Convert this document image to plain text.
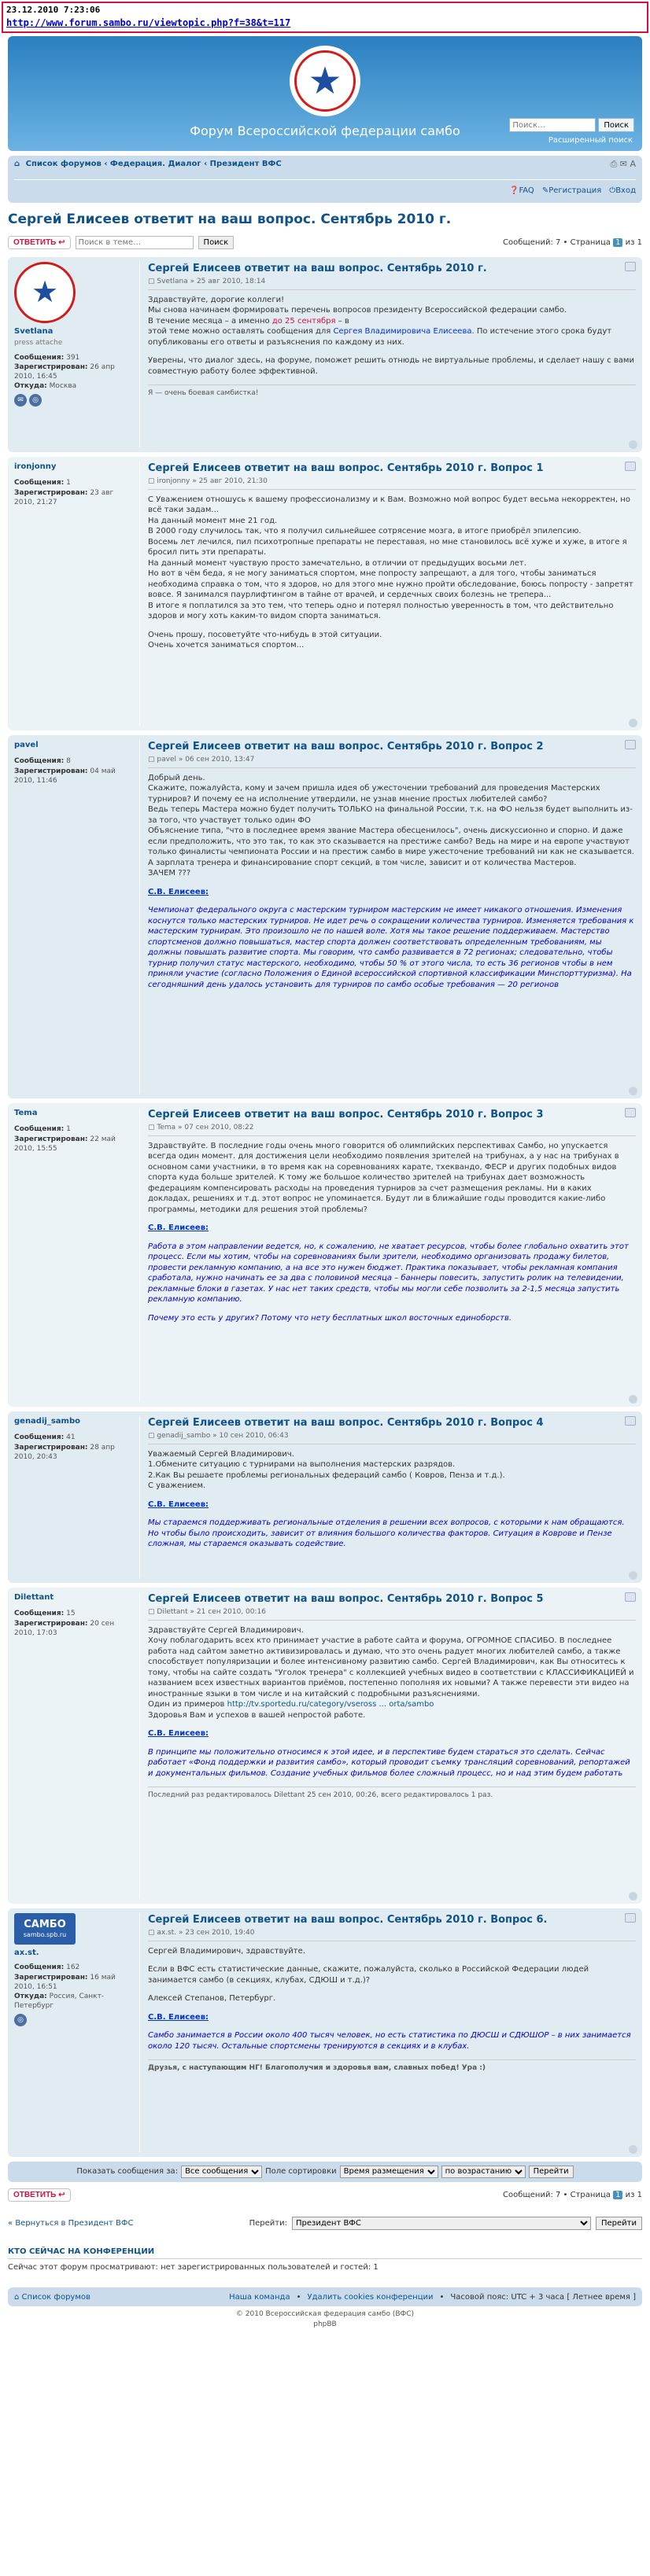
23.12.2010 7:23:06
http://www.forum.sambo.ru/viewtopic.php?f=38&t=117
★
Форум Всероссийской федерации самбо
Поиск…	Поиск
Расширенный поиск
⌂ Список форумов ‹ Федерация. Диалог ‹ Президент ВФС	⎙ ✉ A
❓FAQ ✎Регистрация ⏻Вход
Сергей Елисеев ответит на ваш вопрос. Сентябрь 2010 г.
ОТВЕТИТЬ ↩
Поиск в теме…	Поиск	Сообщений: 7 • Страница 1 из 1
★
Svetlana
press attache
Сообщения: 391
Зарегистрирован: 26 апр 2010, 16:45
Откуда: Москва
✉	◎
Сергей Елисеев ответит на ваш вопрос. Сентябрь 2010 г.
▢ Svetlana » 25 авг 2010, 18:14

Здравствуйте, дорогие коллеги!

Мы снова начинаем формировать перечень вопросов президенту Всероссийской федерации самбо.

В течение месяца – а именно до 25 сентября – в

этой теме можно оставлять сообщения для Сергея Владимировича Елисеева. По истечение этого срока будут опубликованы его ответы и разъяснения по каждому из них.

Уверены, что диалог здесь, на форуме, поможет решить отнюдь не виртуальные проблемы, и сделает нашу с вами совместную работу более эффективной.

Я — очень боевая самбистка!
ironjonny
Сообщения: 1
Зарегистрирован: 23 авг 2010, 21:27
Сергей Елисеев ответит на ваш вопрос. Сентябрь 2010 г. Вопрос 1
▢ ironjonny » 25 авг 2010, 21:30

С Уважением отношусь к вашему профессионализму и к Вам. Возможно мой вопрос будет весьма некорректен, но всё таки задам...

На данный момент мне 21 год.

В 2000 году случилось так, что я получил сильнейшее сотрясение мозга, в итоге приобрёл эпилепсию.

Восемь лет лечился, пил психотропные препараты не переставая, но мне становилось всё хуже и хуже, в итоге я бросил пить эти препараты.

На данный момент чувствую просто замечательно, в отличии от предыдущих восьми лет.

Но вот в чём беда, я не могу заниматься спортом, мне попросту запрещают, а для того, чтобы заниматься необходима справка о том, что я здоров, но для этого мне нужно пройти обследование, боюсь попросту - запретят вовсе. Я занимался паурлифтингом в тайне от врачей, и сердечных своих болезнь не трепера...

В итоге я поплатился за это тем, что теперь одно и потерял полностью уверенность в том, что действительно здоров и могу хоть каким-то видом спорта заниматься.

Очень прошу, посоветуйте что-нибудь в этой ситуации.

Очень хочется заниматься спортом...

pavel
Сообщения: 8
Зарегистрирован: 04 май 2010, 11:46
Сергей Елисеев ответит на ваш вопрос. Сентябрь 2010 г. Вопрос 2
▢ pavel » 06 сен 2010, 13:47

Добрый день.

Скажите, пожалуйста, кому и зачем пришла идея об ужесточении требований для проведения Мастерских турниров? И почему ее на исполнение утвердили, не узнав мнение простых любителей самбо?

Ведь теперь Мастера можно будет получить ТОЛЬКО на финальной России, т.к. на ФО нельзя будет выполнить из-за того, что участвует только один ФО

Объяснение типа, "что в последнее время звание Мастера обесценилось", очень дискуссионно и спорно. И даже если предположить, что это так, то как это сказывается на престиже самбо? Ведь на мире и на европе участвуют только финалисты чемпионата России и на престиж самбо в мире ужесточение требований ни как не сказывается.

А зарплата тренера и финансирование спорт секций, в том числе, зависит и от количества Мастеров.

ЗАЧЕМ ???

С.В. Елисеев:

Чемпионат федерального округа с мастерским турниром мастерским не имеет никакого отношения. Изменения коснутся только мастерских турниров. Не идет речь о сокращении количества турниров. Изменяется требования к мастерским турнирам. Это произошло не по нашей воле. Хотя мы такое решение поддерживаем. Мастерство спортсменов должно повышаться, мастер спорта должен соответствовать определенным требованиям, мы должны повышать развитие спорта. Мы говорим, что самбо развивается в 72 регионах; следовательно, чтобы турнир получил статус мастерского, необходимо, чтобы 50 % от этого числа, то есть 36 регионов чтобы в нем приняли участие (согласно Положения о Единой всероссийской спортивной классификации Минспорттуризма). На сегодняшний день удалось установить для турниров по самбо особые требования — 20 регионов

Tema
Сообщения: 1
Зарегистрирован: 22 май 2010, 15:55
Сергей Елисеев ответит на ваш вопрос. Сентябрь 2010 г. Вопрос 3
▢ Tema » 07 сен 2010, 08:22

Здравствуйте. В последние годы очень много говорится об олимпийских перспективах Самбо, но упускается всегда один момент. для достижения цели необходимо появления зрителей на трибунах, а у нас на трибунах в основном сами участники, в то время как на соревнованиях карате, тхеквандо, ФЕСР и других подобных видов спорта куда больше зрителей. К тому же большое количество зрителей на трибунах дает возможность федерациям компенсировать расходы на проведения турниров за счет размещения рекламы. Ни в каких докладах, решениях и т.д. этот вопрос не упоминается. Будут ли в ближайшие годы проводится какие-либо программы, методики для решения этой проблемы?

С.В. Елисеев:

Работа в этом направлении ведется, но, к сожалению, не хватает ресурсов, чтобы более глобально охватить этот процесс. Если мы хотим, чтобы на соревнованиях были зрители, необходимо организовать продажу билетов, провести рекламную компанию, а на все это нужен бюджет. Практика показывает, чтобы рекламная компания сработала, нужно начинать ее за два с половиной месяца – баннеры повесить, запустить ролик на телевидении, рекламные блоки в газетах. У нас нет таких средств, чтобы мы могли себе позволить за 2-1,5 месяца запустить рекламную компанию.

Почему это есть у других? Потому что нету бесплатных школ восточных единоборств.

genadij_sambo
Сообщения: 41
Зарегистрирован: 28 апр 2010, 20:43
Сергей Елисеев ответит на ваш вопрос. Сентябрь 2010 г. Вопрос 4
▢ genadij_sambo » 10 сен 2010, 06:43

Уважаемый Сергей Владимирович.

1.Обмените ситуацию с турнирами на выполнения мастерских разрядов.

2.Как Вы решаете проблемы региональных федераций самбо ( Ковров, Пенза и т.д.).

С уважением.

С.В. Елисеев:

Мы стараемся поддерживать региональные отделения в решении всех вопросов, с которыми к нам обращаются. Но чтобы было происходить, зависит от влияния большого количества факторов. Ситуация в Коврове и Пензе сложная, мы стараемся оказывать содействие.

Dilettant
Сообщения: 15
Зарегистрирован: 20 сен 2010, 17:03
Сергей Елисеев ответит на ваш вопрос. Сентябрь 2010 г. Вопрос 5
▢ Dilettant » 21 сен 2010, 00:16

Здравствуйте Сергей Владимирович.

Хочу поблагодарить всех кто принимает участие в работе сайта и форума, ОГРОМНОЕ СПАСИБО. В последнее работа над сайтом заметно активизировалась и думаю, что это очень радует многих любителей самбо, а также способствует популяризации и более интенсивному развитию самбо. Сергей Владимирович, как Вы относитесь к тому, чтобы на сайте создать "Уголок тренера" с коллекцией учебных видео в соответствии с КЛАССИФИКАЦИЕЙ и названием всех известных вариантов приёмов, постепенно пополняя их новыми? А также перевести эти видео на иностранные языки в том числе и на китайский с подробными разъяснениями.

Один из примеров http://tv.sportedu.ru/category/vseross ... orta/sambo

Здоровья Вам и успехов в вашей непростой работе.

С.В. Елисеев:

В принципе мы положительно относимся к этой идее, и в перспективе будем стараться это сделать. Сейчас работает «Фонд поддержки и развития самбо», который проводит съемку трансляций соревнований, репортажей и документальных фильмов. Создание учебных фильмов более сложный процесс, но и над этим будем работать

Последний раз редактировалось Dilettant 25 сен 2010, 00:26, всего редактировалось 1 раз.
САМБО
sambo.spb.ru
ax.st.
Сообщения: 162
Зарегистрирован: 16 май 2010, 16:51
Откуда: Россия, Санкт-Петербург
◎
Сергей Елисеев ответит на ваш вопрос. Сентябрь 2010 г. Вопрос 6.
▢ ax.st. » 23 сен 2010, 19:40

Сергей Владимирович, здравствуйте.

Если в ВФС есть статистические данные, скажите, пожалуйста, сколько в Российской Федерации людей занимается самбо (в секциях, клубах, СДЮШ и т.д.)?

Алексей Степанов, Петербург.

С.В. Елисеев:

Самбо занимается в России около 400 тысяч человек, но есть статистика по ДЮСШ и СДЮШОР – в них занимается около 120 тысяч. Остальные спортсмены тренируются в секциях и в клубах.

Друзья, с наступающим НГ! Благополучия и здоровья вам, славных побед! Ура :)
Показать сообщения за:
Все сообщения	Поле сортировки
Время размещения
по возрастанию	Перейти
ОТВЕТИТЬ ↩	Сообщений: 7 • Страница 1 из 1
« Вернуться в Президент ВФС	Перейти:
Президент ВФС	Перейти
КТО СЕЙЧАС НА КОНФЕРЕНЦИИ

Сейчас этот форум просматривают: нет зарегистрированных пользователей и гостей: 1

⌂ Список форумов	Наша команда • Удалить cookies конференции • Часовой пояс: UTC + 3 часа [ Летнее время ]
© 2010 Всероссийская федерация самбо (ВФС)
phpBB
